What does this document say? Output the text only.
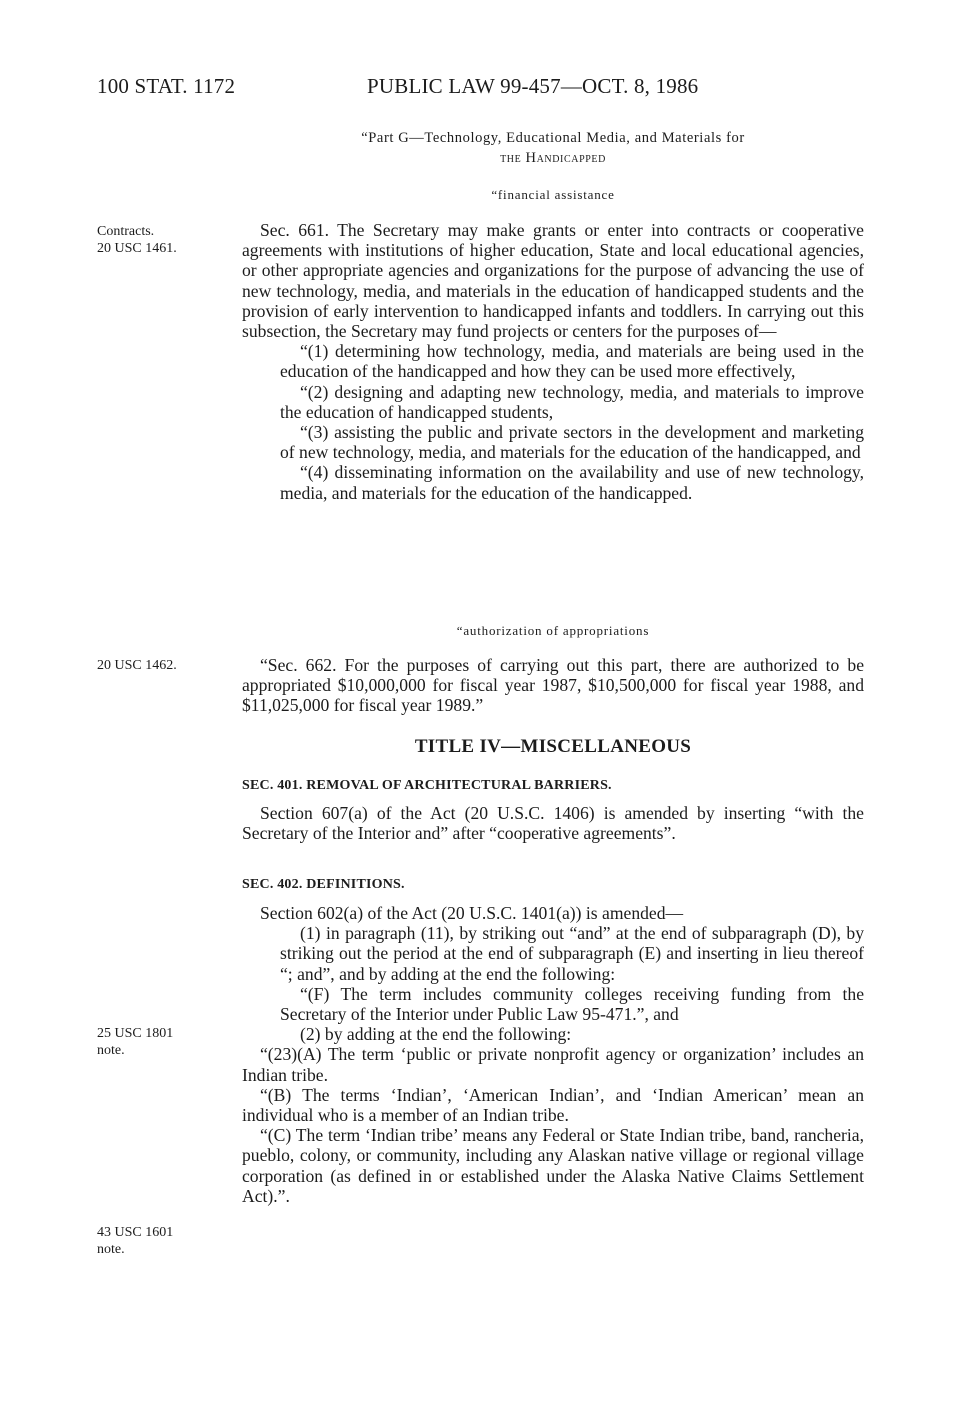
100 STAT. 1172	PUBLIC LAW 99-457—OCT. 8, 1986
“Part G—Technology, Educational Media, and Materials for
the Handicapped
“financial assistance
Contracts.
20 USC 1461.

Sec. 661. The Secretary may make grants or enter into contracts or cooperative agreements with institutions of higher education, State and local educational agencies, or other appropriate agencies and organizations for the purpose of advancing the use of new technology, media, and materials in the education of handicapped students and the provision of early intervention to handicapped infants and toddlers. In carrying out this subsection, the Secretary may fund projects or centers for the purposes of—

“(1) determining how technology, media, and materials are being used in the education of the handicapped and how they can be used more effectively,

“(2) designing and adapting new technology, media, and materials to improve the education of handicapped students,

“(3) assisting the public and private sectors in the development and marketing of new technology, media, and materials for the education of the handicapped, and

“(4) disseminating information on the availability and use of new technology, media, and materials for the education of the handicapped.

“authorization of appropriations
20 USC 1462.	“Sec. 662. For the purposes of carrying out this part, there are authorized to be appropriated $10,000,000 for fiscal year 1987, $10,500,000 for fiscal year 1988, and $11,025,000 for fiscal year 1989.”

TITLE IV—MISCELLANEOUS
SEC. 401. REMOVAL OF ARCHITECTURAL BARRIERS.

Section 607(a) of the Act (20 U.S.C. 1406) is amended by inserting “with the Secretary of the Interior and” after “cooperative agreements”.

SEC. 402. DEFINITIONS.

Section 602(a) of the Act (20 U.S.C. 1401(a)) is amended—

(1) in paragraph (11), by striking out “and” at the end of subparagraph (D), by striking out the period at the end of subparagraph (E) and inserting in lieu thereof “; and”, and by adding at the end the following:

“(F) The term includes community colleges receiving funding from the Secretary of the Interior under Public Law 95-471.”, and

(2) by adding at the end the following:

“(23)(A) The term ‘public or private nonprofit agency or organization’ includes an Indian tribe.

“(B) The terms ‘Indian’, ‘American Indian’, and ‘Indian American’ mean an individual who is a member of an Indian tribe.

“(C) The term ‘Indian tribe’ means any Federal or State Indian tribe, band, rancheria, pueblo, colony, or community, including any Alaskan native village or regional village corporation (as defined in or established under the Alaska Native Claims Settlement Act).”.

25 USC 1801
note.
43 USC 1601
note.
